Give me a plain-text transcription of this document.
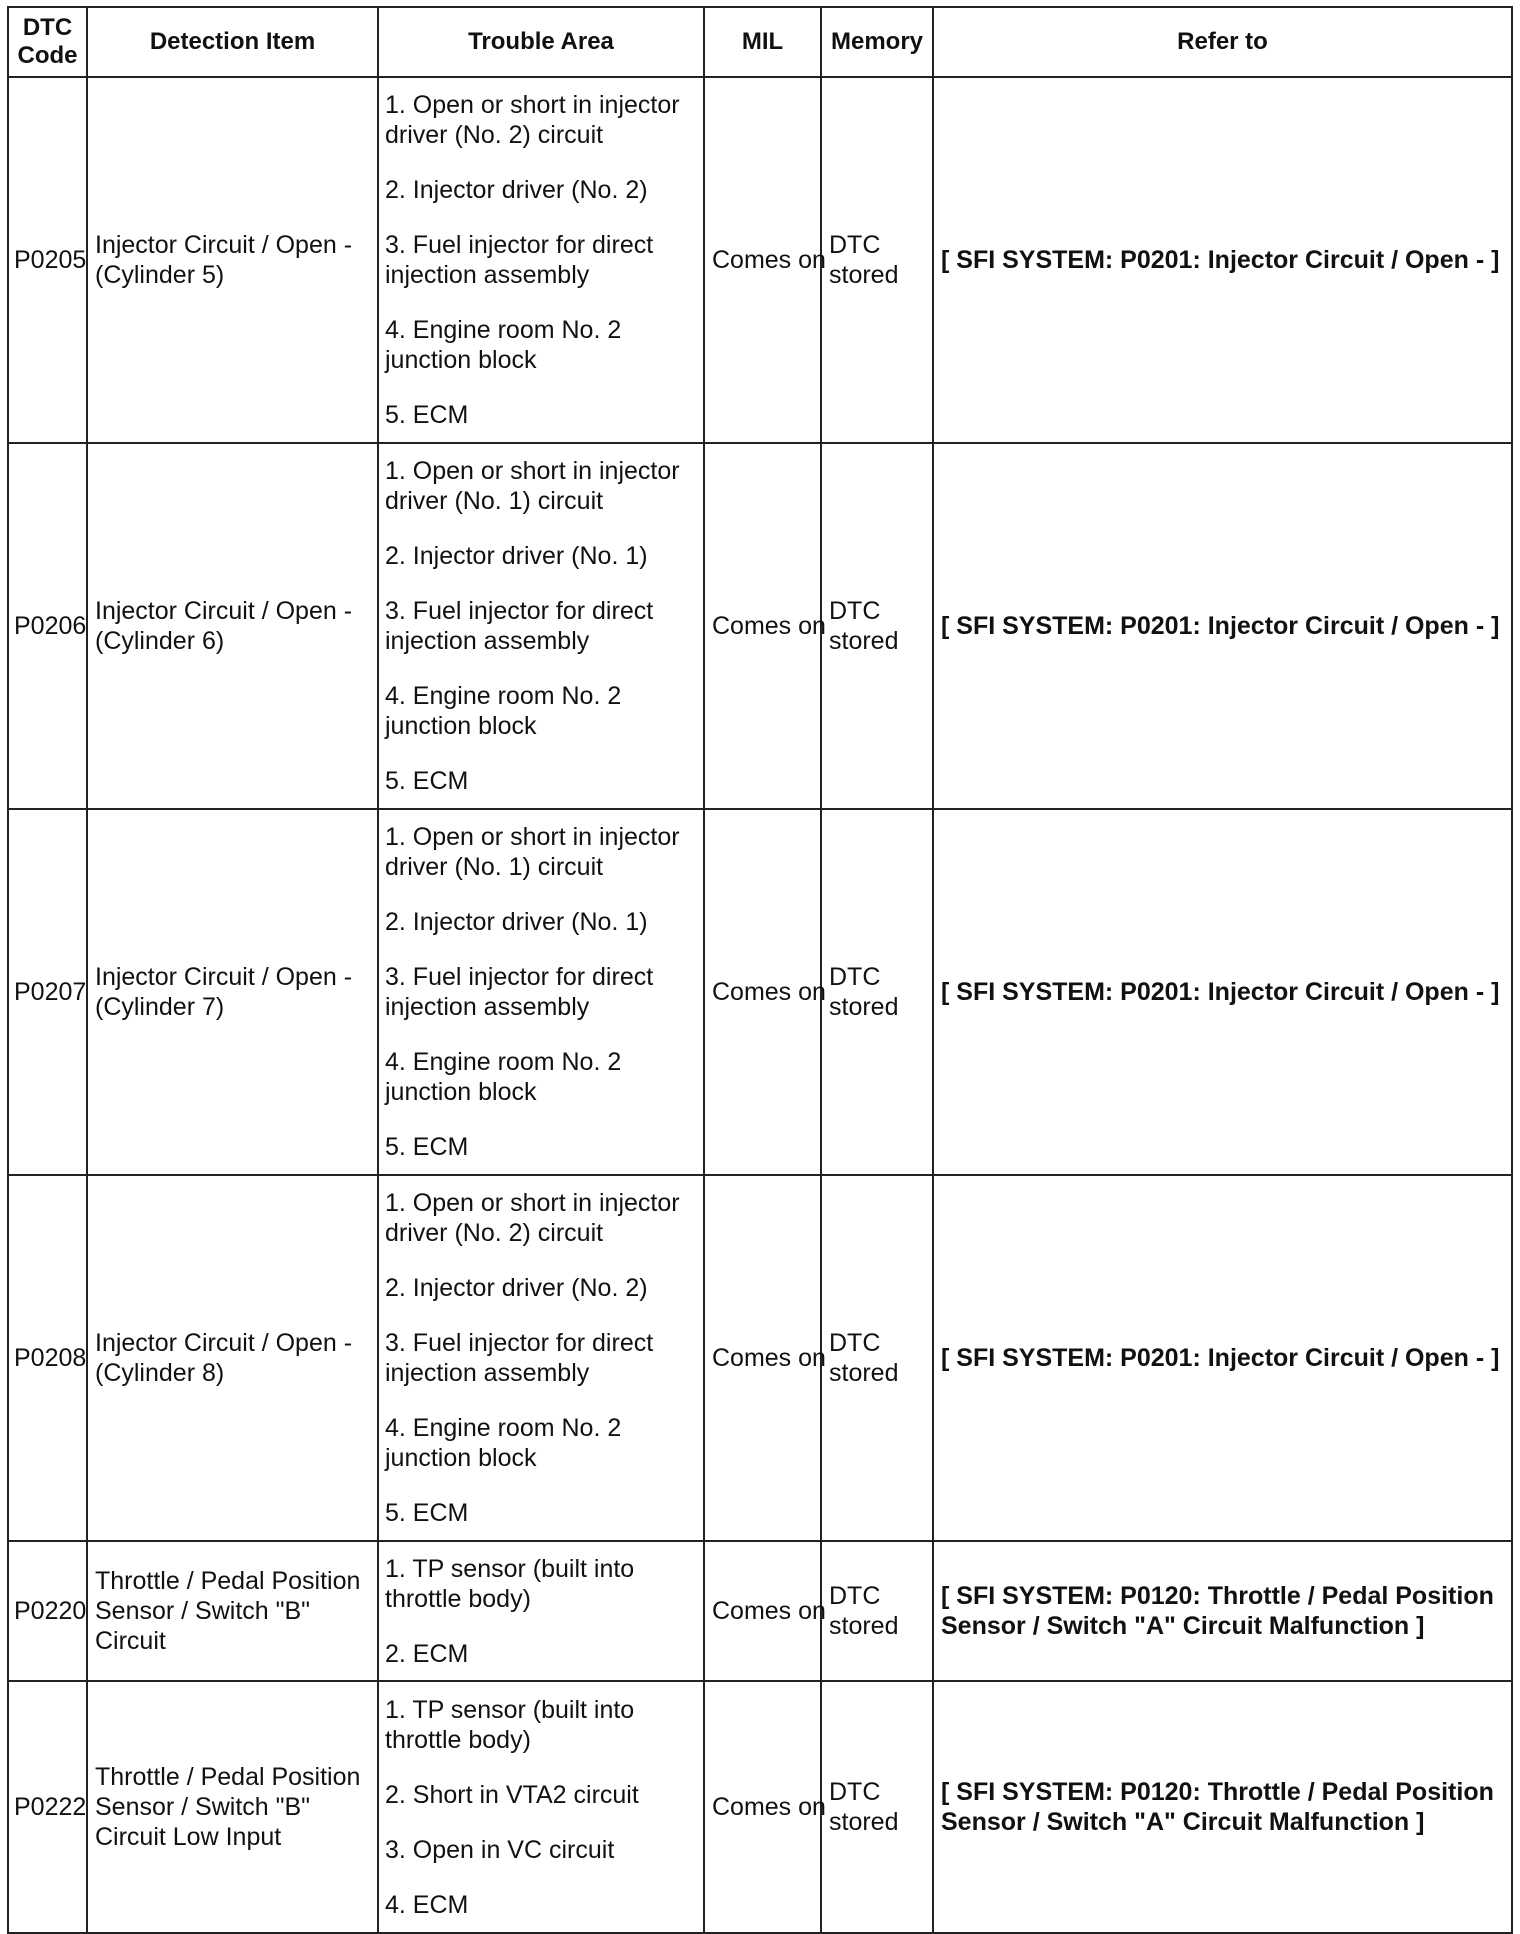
DTC Code	Detection Item	Trouble Area	MIL	Memory	Refer to
P0205	Injector Circuit / Open - (Cylinder 5)	1. Open or short in injector driver (No. 2) circuit
2. Injector driver (No. 2)
3. Fuel injector for direct injection assembly
4. Engine room No. 2 junction block
5. ECM	Comes on	DTC stored	[ SFI SYSTEM: P0201: Injector Circuit / Open - ]
P0206	Injector Circuit / Open - (Cylinder 6)	1. Open or short in injector driver (No. 1) circuit
2. Injector driver (No. 1)
3. Fuel injector for direct injection assembly
4. Engine room No. 2 junction block
5. ECM	Comes on	DTC stored	[ SFI SYSTEM: P0201: Injector Circuit / Open - ]
P0207	Injector Circuit / Open - (Cylinder 7)	1. Open or short in injector driver (No. 1) circuit
2. Injector driver (No. 1)
3. Fuel injector for direct injection assembly
4. Engine room No. 2 junction block
5. ECM	Comes on	DTC stored	[ SFI SYSTEM: P0201: Injector Circuit / Open - ]
P0208	Injector Circuit / Open - (Cylinder 8)	1. Open or short in injector driver (No. 2) circuit
2. Injector driver (No. 2)
3. Fuel injector for direct injection assembly
4. Engine room No. 2 junction block
5. ECM	Comes on	DTC stored	[ SFI SYSTEM: P0201: Injector Circuit / Open - ]
P0220	Throttle / Pedal Position Sensor / Switch "B" Circuit	1. TP sensor (built into throttle body)
2. ECM	Comes on	DTC stored	[ SFI SYSTEM: P0120: Throttle / Pedal Position Sensor / Switch "A" Circuit Malfunction ]
P0222	Throttle / Pedal Position Sensor / Switch "B" Circuit Low Input	1. TP sensor (built into throttle body)
2. Short in VTA2 circuit
3. Open in VC circuit
4. ECM	Comes on	DTC stored	[ SFI SYSTEM: P0120: Throttle / Pedal Position Sensor / Switch "A" Circuit Malfunction ]
